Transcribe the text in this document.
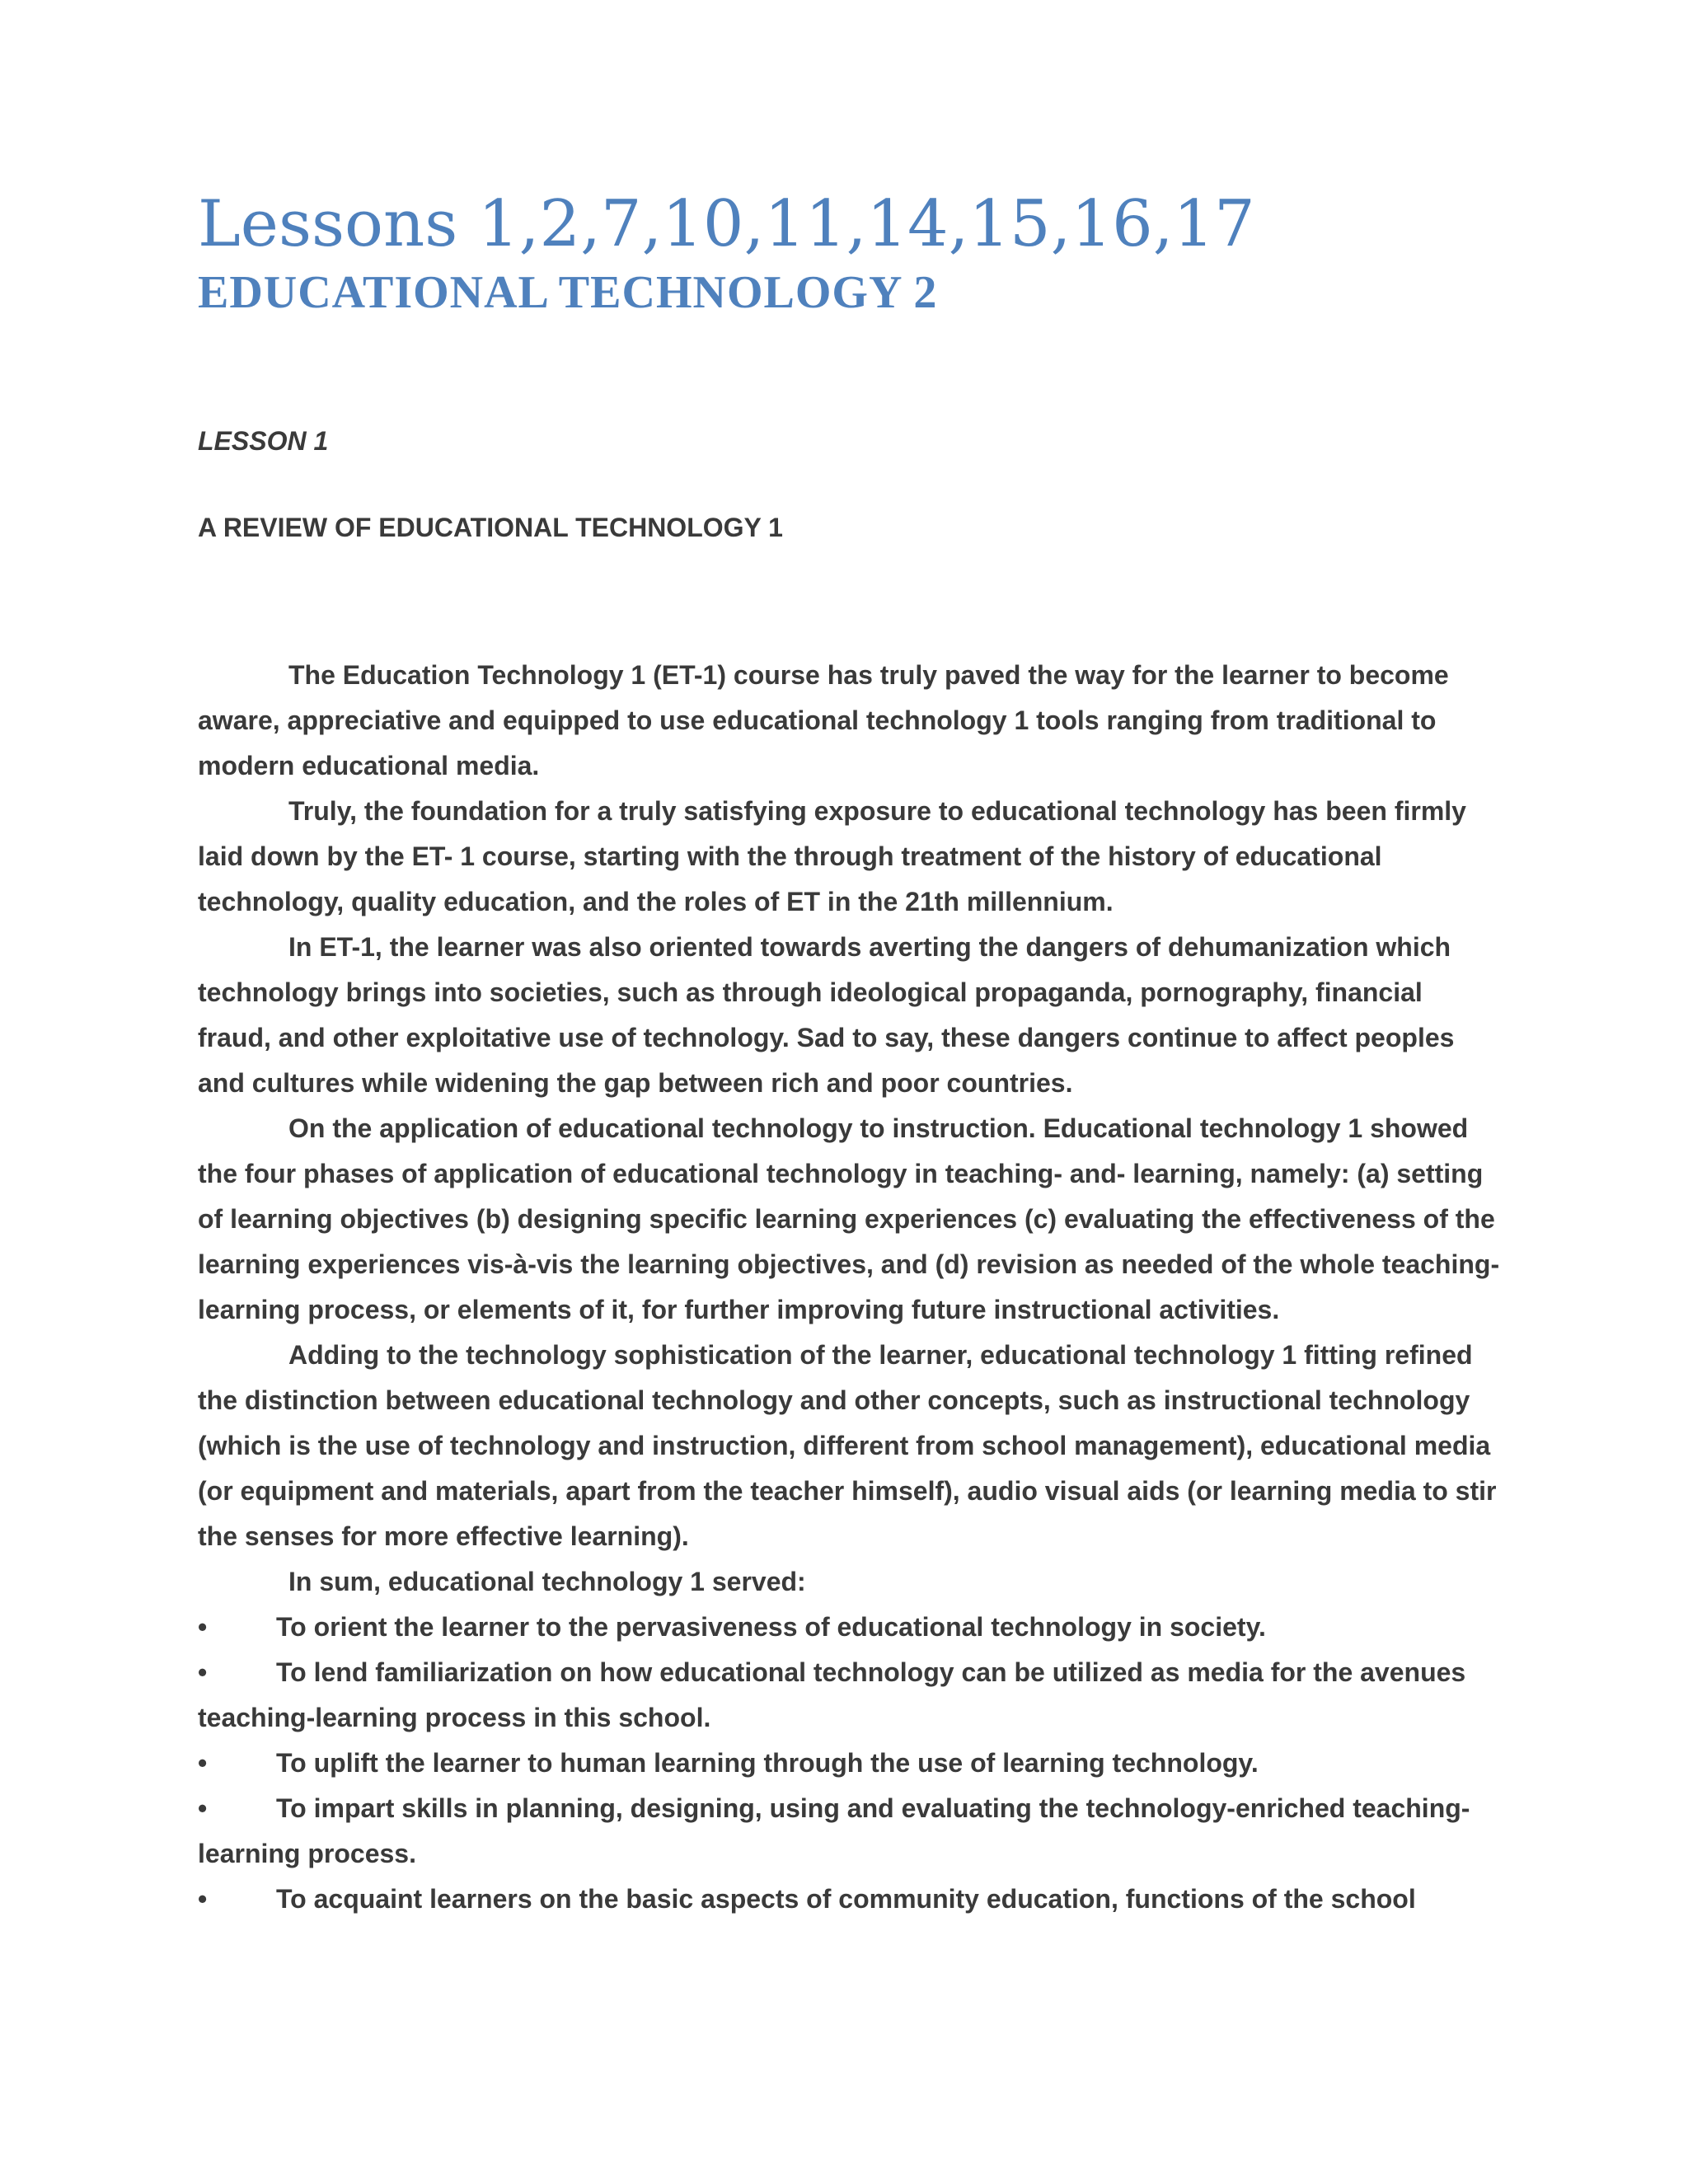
Lessons 1,2,7,10,11,14,15,16,17
EDUCATIONAL TECHNOLOGY 2
LESSON 1
A REVIEW OF EDUCATIONAL TECHNOLOGY 1

The Education Technology 1 (ET-1) course has truly paved the way for the learner to become aware, appreciative and equipped to use educational technology 1 tools ranging from traditional to modern educational media.

Truly, the foundation for a truly satisfying exposure to educational technology has been firmly laid down by the ET- 1 course, starting with the through treatment of the history of educational technology, quality education, and the roles of ET in the 21th millennium.

In ET-1, the learner was also oriented towards averting the dangers of dehumanization which technology brings into societies, such as through ideological propaganda, pornography, financial fraud, and other exploitative use of technology. Sad to say, these dangers continue to affect peoples and cultures while widening the gap between rich and poor countries.

On the application of educational technology to instruction. Educational technology 1 showed the four phases of application of educational technology in teaching- and- learning, namely: (a) setting of learning objectives (b) designing specific learning experiences (c) evaluating the effectiveness of the learning experiences vis-à-vis the learning objectives, and (d) revision as needed of the whole teaching-learning process, or elements of it, for further improving future instructional activities.

Adding to the technology sophistication of the learner, educational technology 1 fitting refined the distinction between educational technology and other concepts, such as instructional technology (which is the use of technology and instruction, different from school management), educational media (or equipment and materials, apart from the teacher himself), audio visual aids (or learning media to stir the senses for more effective learning).

In sum, educational technology 1 served:

•	To orient the learner to the pervasiveness of educational technology in society.
•	To lend familiarization on how educational technology can be utilized as media for the avenues teaching-learning process in this school.
•	To uplift the learner to human learning through the use of learning technology.
•	To impart skills in planning, designing, using and evaluating the technology-enriched teaching-learning process.
•	To acquaint learners on the basic aspects of community education, functions of the school
